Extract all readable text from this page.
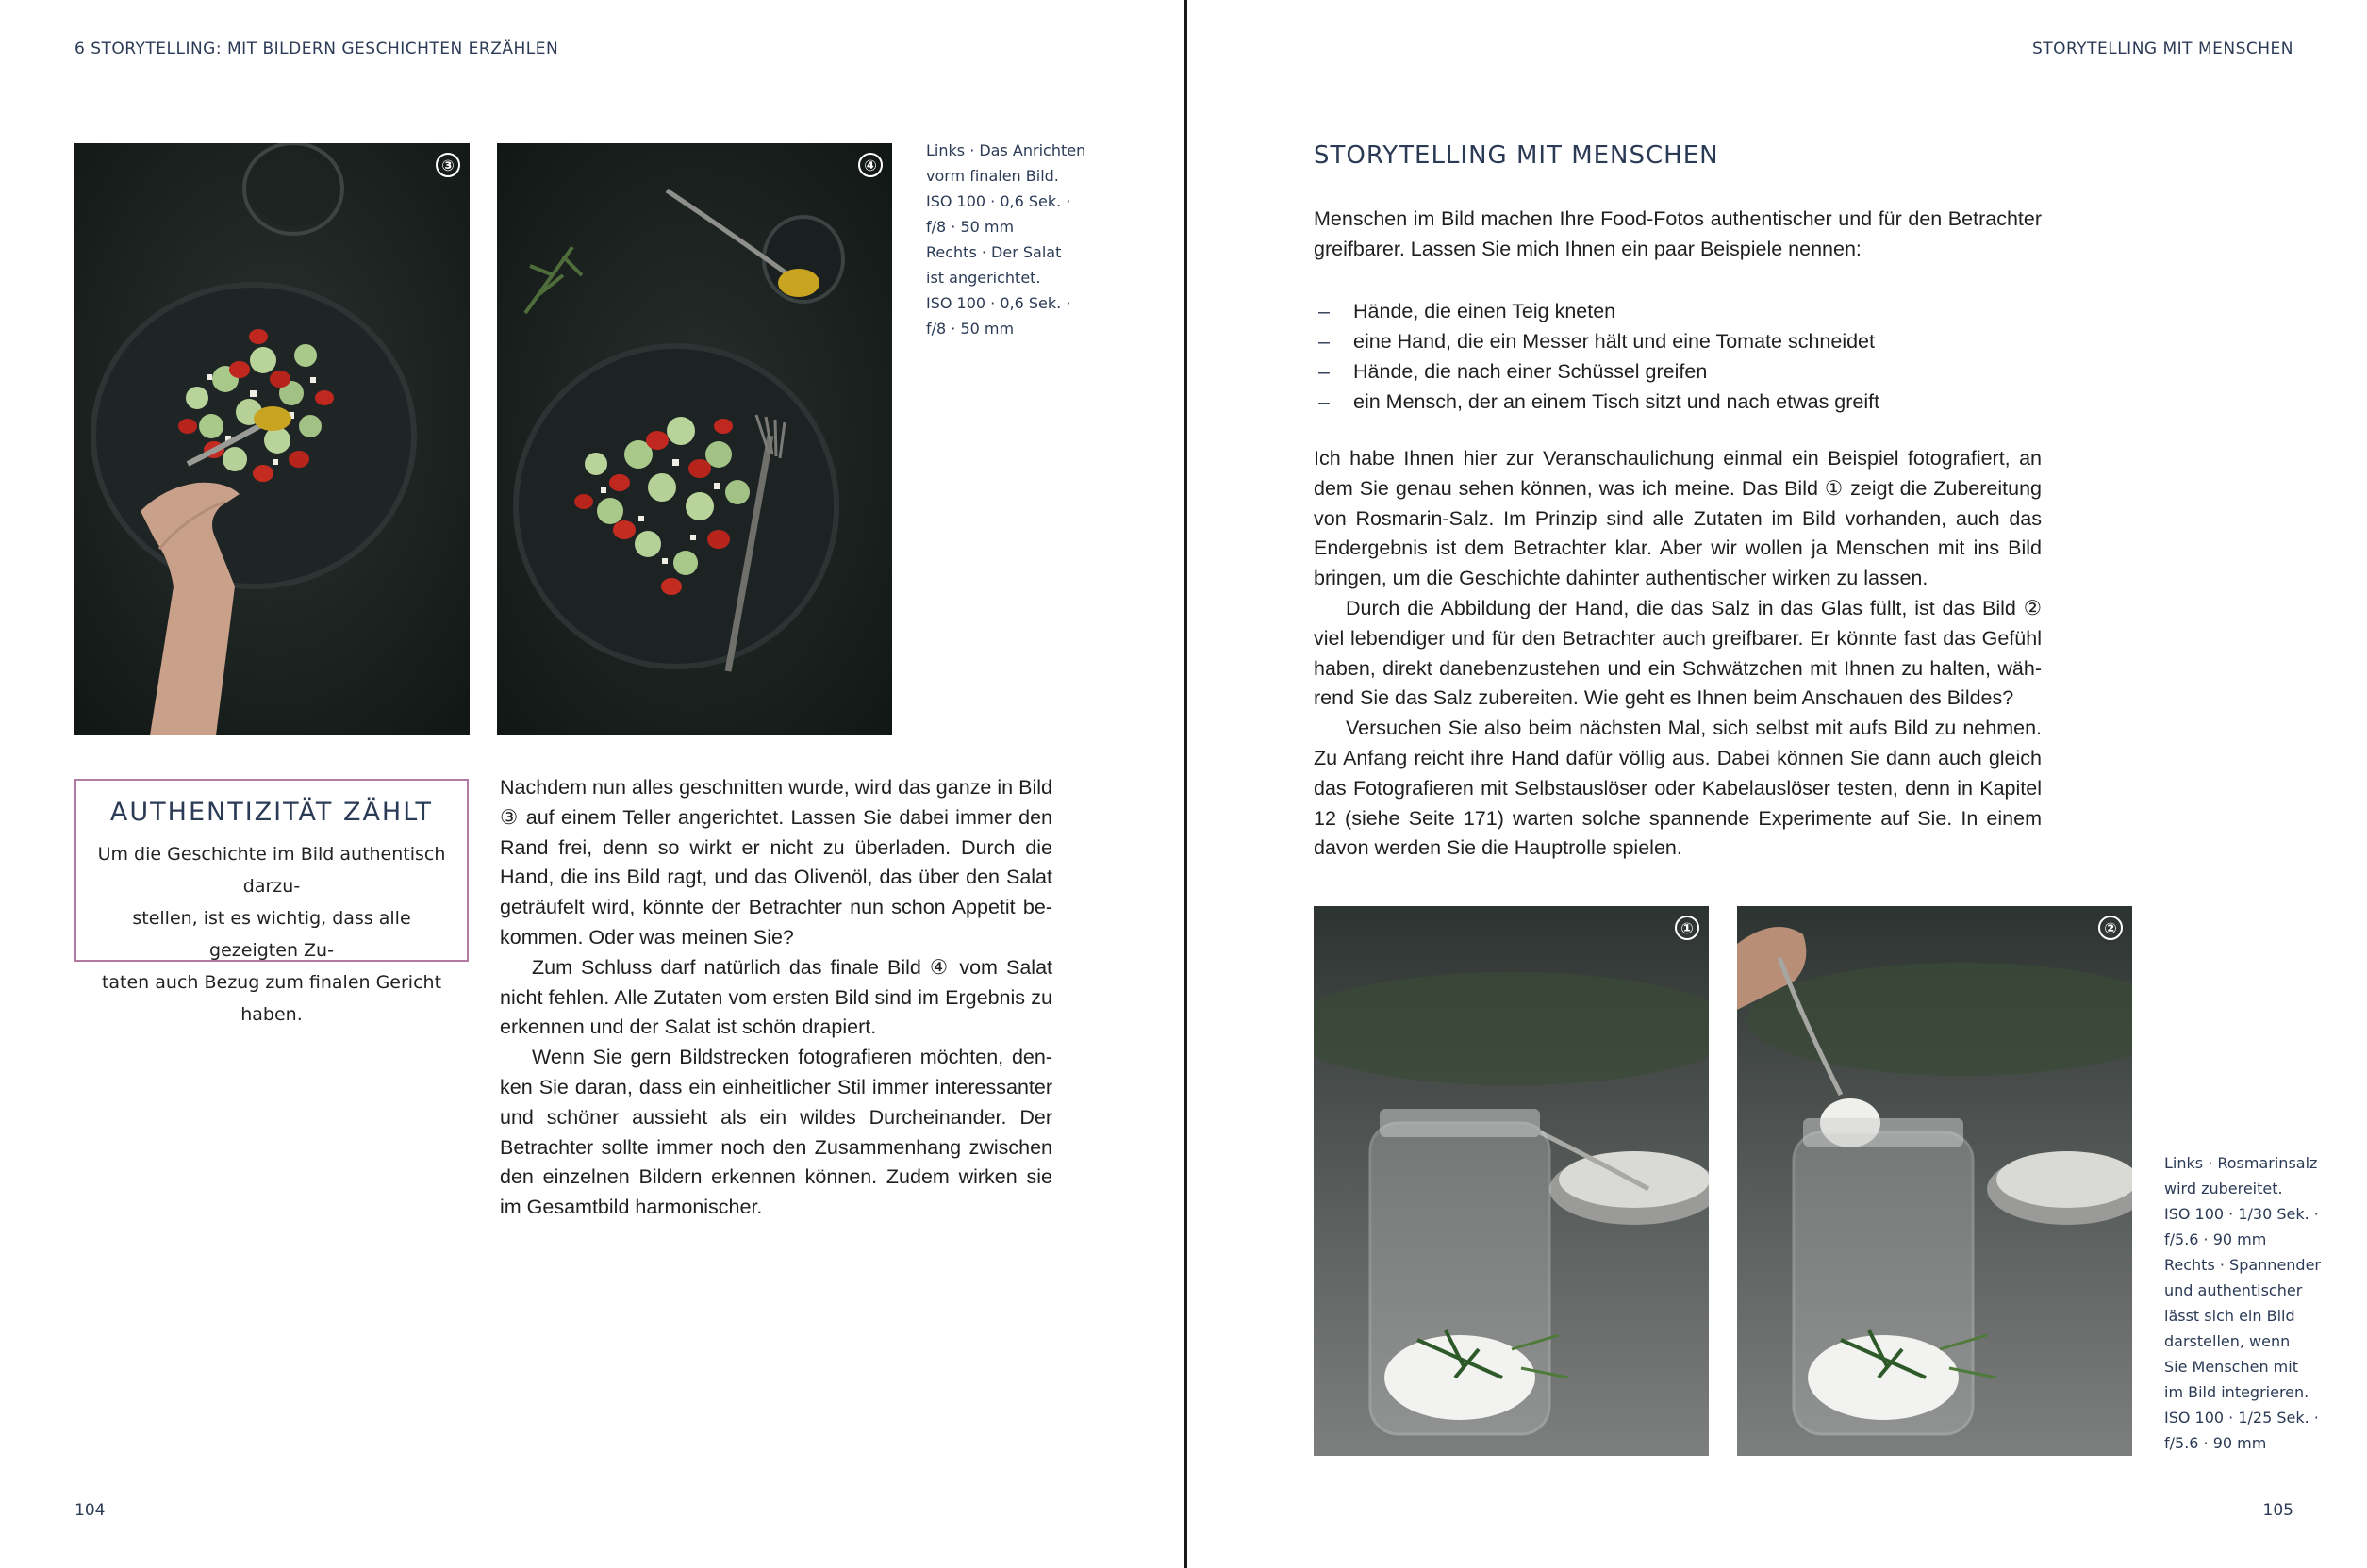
6 STORYTELLING: MIT BILDERN GESCHICHTEN ERZÄHLEN
③	④
Links · Das Anrichten
vorm finalen Bild.
ISO 100 · 0,6 Sek. ·
f/8 · 50 mm
Rechts · Der Salat
ist angerichtet.
ISO 100 · 0,6 Sek. ·
f/8 · 50 mm
AUTHENTIZITÄT ZÄHLT
Um die Geschichte im Bild authentisch darzu-
stellen, ist es wichtig, dass alle gezeigten Zu-
taten auch Bezug zum finalen Gericht haben.

Nachdem nun alles geschnitten wurde, wird das ganze in Bild ③ auf einem Teller angerichtet. Lassen Sie dabei immer den Rand frei, denn so wirkt er nicht zu überladen. Durch die Hand, die ins Bild ragt, und das Olivenöl, das über den Salat geträufelt wird, könnte der Betrachter nun schon Appetit bekommen. Oder was meinen Sie?

Zum Schluss darf natürlich das finale Bild ④ vom Salat nicht fehlen. Alle Zutaten vom ersten Bild sind im Ergebnis zu erkennen und der Salat ist schön drapiert.

Wenn Sie gern Bildstrecken fotografieren möchten, denken Sie daran, dass ein einheitlicher Stil immer interessanter und schöner aussieht als ein wildes Durcheinander. Der Betrachter sollte immer noch den Zusammenhang zwischen den einzelnen Bildern erkennen können. Zudem wirken sie im Gesamtbild harmonischer.

104
STORYTELLING MIT MENSCHEN
STORYTELLING MIT MENSCHEN

Menschen im Bild machen Ihre Food-Fotos authentischer und für den Betrachter greifbarer. Lassen Sie mich Ihnen ein paar Beispiele nennen:

– Hände, die einen Teig kneten
– eine Hand, die ein Messer hält und eine Tomate schneidet
– Hände, die nach einer Schüssel greifen
– ein Mensch, der an einem Tisch sitzt und nach etwas greift

Ich habe Ihnen hier zur Veranschaulichung einmal ein Beispiel fotografiert, an dem Sie genau sehen können, was ich meine. Das Bild ① zeigt die Zubereitung von Rosmarin-Salz. Im Prinzip sind alle Zutaten im Bild vorhanden, auch das Endergebnis ist dem Betrachter klar. Aber wir wollen ja Menschen mit ins Bild bringen, um die Geschichte dahinter authentischer wirken zu lassen.

Durch die Abbildung der Hand, die das Salz in das Glas füllt, ist das Bild ② viel lebendiger und für den Betrachter auch greifbarer. Er könnte fast das Gefühl haben, direkt danebenzustehen und ein Schwätzchen mit Ihnen zu halten, während Sie das Salz zubereiten. Wie geht es Ihnen beim Anschauen des Bildes?

Versuchen Sie also beim nächsten Mal, sich selbst mit aufs Bild zu nehmen. Zu Anfang reicht ihre Hand dafür völlig aus. Dabei können Sie dann auch gleich das Fotografieren mit Selbstauslöser oder Kabelauslöser testen, denn in Kapitel 12 (siehe Seite 171) warten solche spannende Experimente auf Sie. In einem davon werden Sie die Hauptrolle spielen.

①	②
Links · Rosmarinsalz
wird zubereitet.
ISO 100 · 1/30 Sek. ·
f/5.6 · 90 mm
Rechts · Spannender
und authentischer
lässt sich ein Bild
darstellen, wenn
Sie Menschen mit
im Bild integrieren.
ISO 100 · 1/25 Sek. ·
f/5.6 · 90 mm
105
